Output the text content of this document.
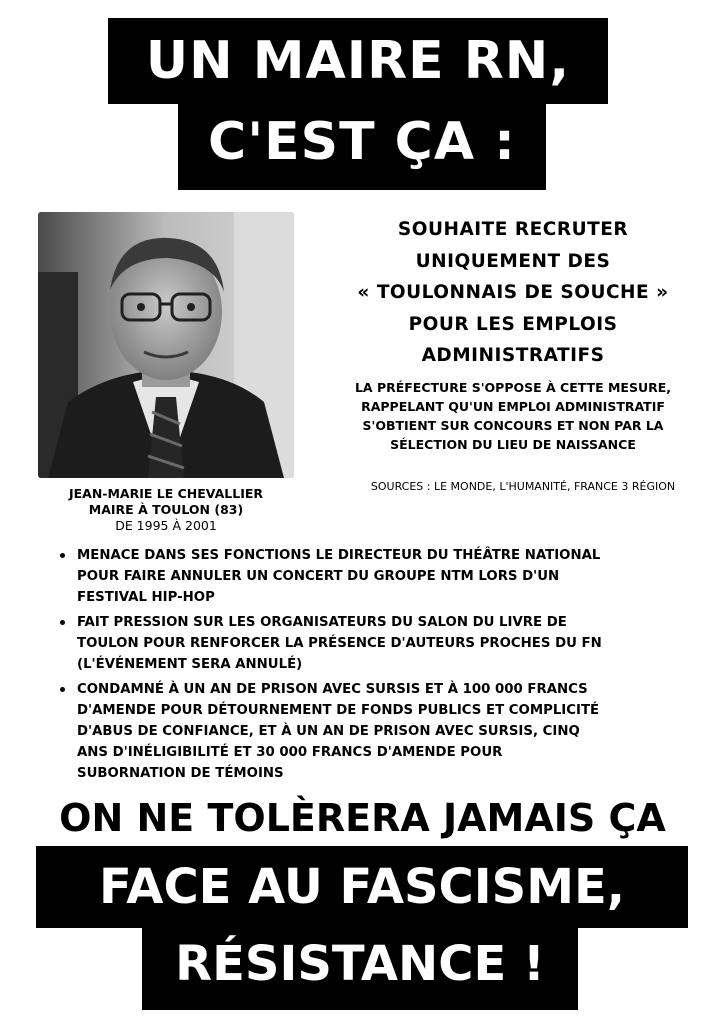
UN MAIRE RN,
C'EST ÇA :
JEAN-MARIE LE CHEVALLIER
MAIRE À TOULON (83)
DE 1995 À 2001
SOUHAITE RECRUTER
UNIQUEMENT DES
« TOULONNAIS DE SOUCHE »
POUR LES EMPLOIS
ADMINISTRATIFS
LA PRÉFECTURE S'OPPOSE À CETTE MESURE,
RAPPELANT QU'UN EMPLOI ADMINISTRATIF
S'OBTIENT SUR CONCOURS ET NON PAR LA
SÉLECTION DU LIEU DE NAISSANCE
SOURCES : LE MONDE, L'HUMANITÉ, FRANCE 3 RÉGION
MENACE DANS SES FONCTIONS LE DIRECTEUR DU THÉÂTRE NATIONAL
POUR FAIRE ANNULER UN CONCERT DU GROUPE NTM LORS D'UN
FESTIVAL HIP-HOP
FAIT PRESSION SUR LES ORGANISATEURS DU SALON DU LIVRE DE
TOULON POUR RENFORCER LA PRÉSENCE D'AUTEURS PROCHES DU FN
(L'ÉVÉNEMENT SERA ANNULÉ)
CONDAMNÉ À UN AN DE PRISON AVEC SURSIS ET À 100 000 FRANCS
D'AMENDE POUR DÉTOURNEMENT DE FONDS PUBLICS ET COMPLICITÉ
D'ABUS DE CONFIANCE, ET À UN AN DE PRISON AVEC SURSIS, CINQ
ANS D'INÉLIGIBILITÉ ET 30 000 FRANCS D'AMENDE POUR
SUBORNATION DE TÉMOINS
ON NE TOLÈRERA JAMAIS ÇA
FACE AU FASCISME,
RÉSISTANCE !
